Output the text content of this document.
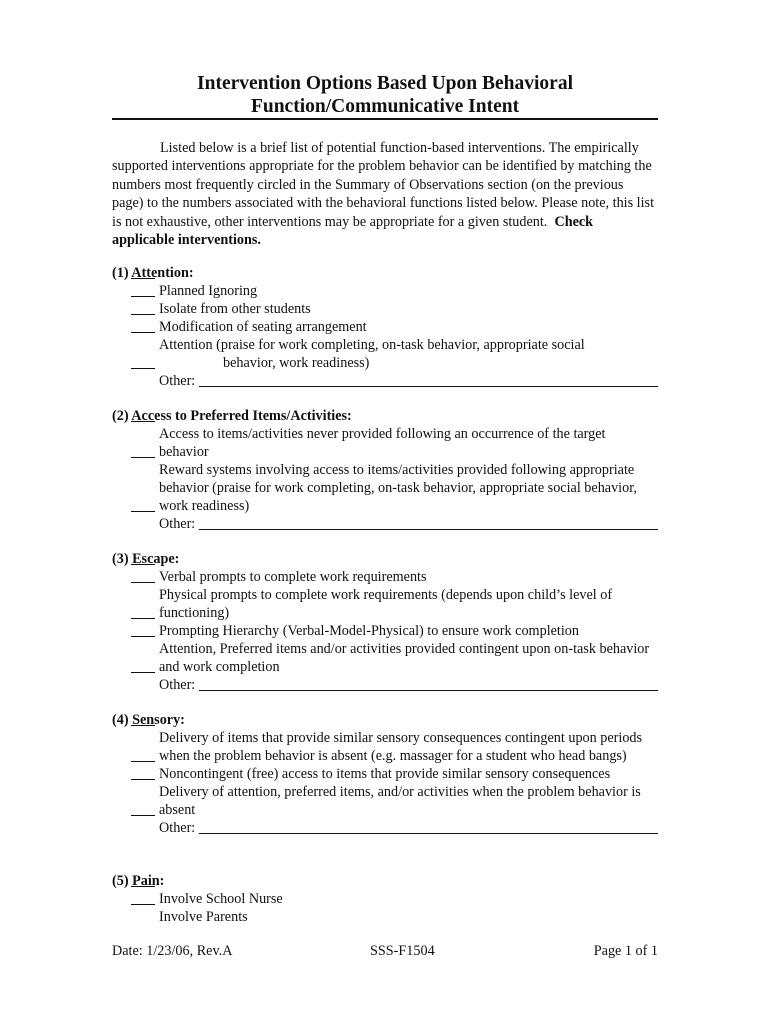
Intervention Options Based Upon Behavioral
Function/Communicative Intent
Listed below is a brief list of potential function-based interventions. The empirically supported interventions appropriate for the problem behavior can be identified by matching the numbers most frequently circled in the Summary of Observations section (on the previous page) to the numbers associated with the behavioral functions listed below. Please note, this list is not exhaustive, other interventions may be appropriate for a given student. Check applicable interventions.
(1) Attention:
Planned Ignoring
Isolate from other students
Modification of seating arrangement
Attention (praise for work completing, on-task behavior, appropriate social
behavior, work readiness)
Other:
(2) Access to Preferred Items/Activities:
Access to items/activities never provided following an occurrence of the target behavior
Reward systems involving access to items/activities provided following appropriate behavior (praise for work completing, on-task behavior, appropriate social behavior, work readiness)
Other:
(3) Escape:
Verbal prompts to complete work requirements
Physical prompts to complete work requirements (depends upon child’s level of functioning)
Prompting Hierarchy (Verbal-Model-Physical) to ensure work completion
Attention, Preferred items and/or activities provided contingent upon on-task behavior and work completion
Other:
(4) Sensory:
Delivery of items that provide similar sensory consequences contingent upon periods when the problem behavior is absent (e.g. massager for a student who head bangs)
Noncontingent (free) access to items that provide similar sensory consequences
Delivery of attention, preferred items, and/or activities when the problem behavior is absent
Other:
(5) Pain:
Involve School Nurse
Involve Parents
Date: 1/23/06, Rev.A	SSS-F1504	Page 1 of 1
